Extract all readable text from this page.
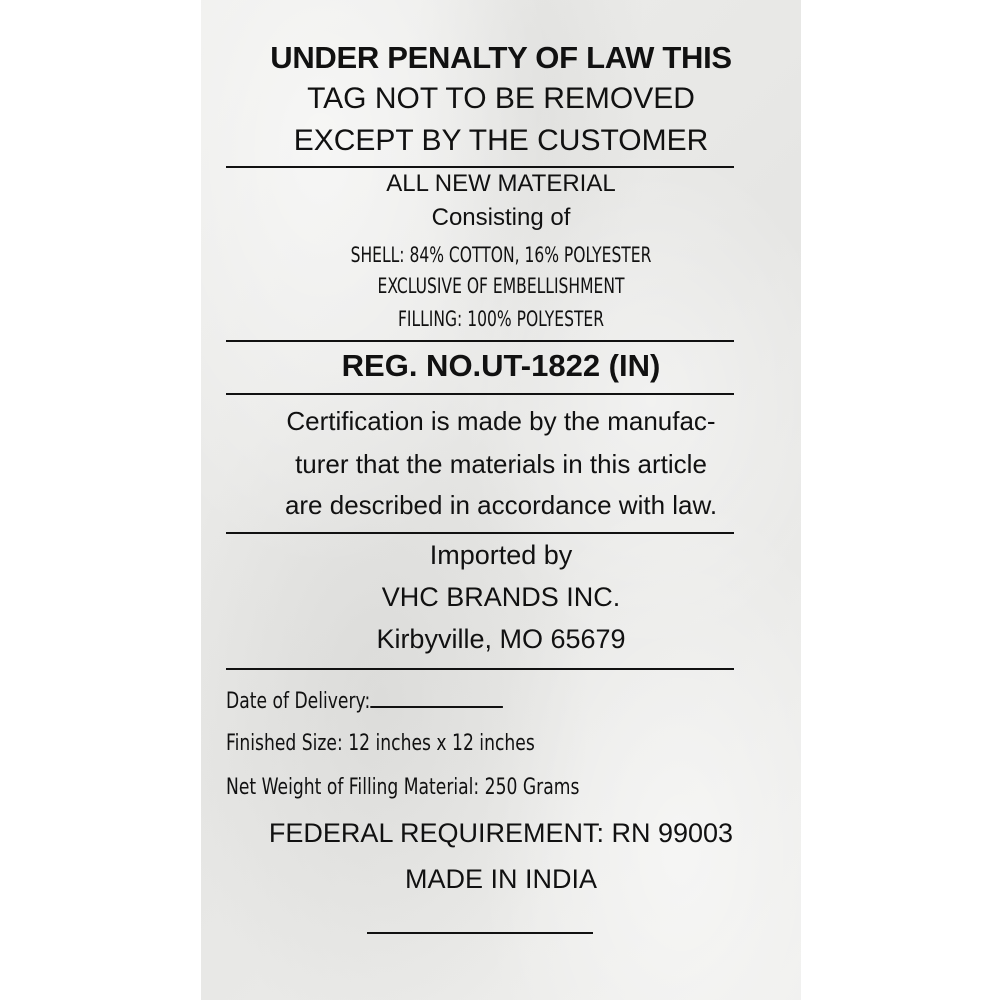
UNDER PENALTY OF LAW THIS
TAG NOT TO BE REMOVED
EXCEPT BY THE CUSTOMER
ALL NEW MATERIAL
Consisting of
SHELL: 84% COTTON, 16% POLYESTER
EXCLUSIVE OF EMBELLISHMENT
FILLING: 100% POLYESTER
REG. NO.UT-1822 (IN)
Certification is made by the manufac-
turer that the materials in this article
are described in accordance with law.
Imported by
VHC BRANDS INC.
Kirbyville, MO 65679
Date of Delivery:
Finished Size: 12 inches x 12 inches
Net Weight of Filling Material: 250 Grams
FEDERAL REQUIREMENT: RN 99003
MADE IN INDIA
